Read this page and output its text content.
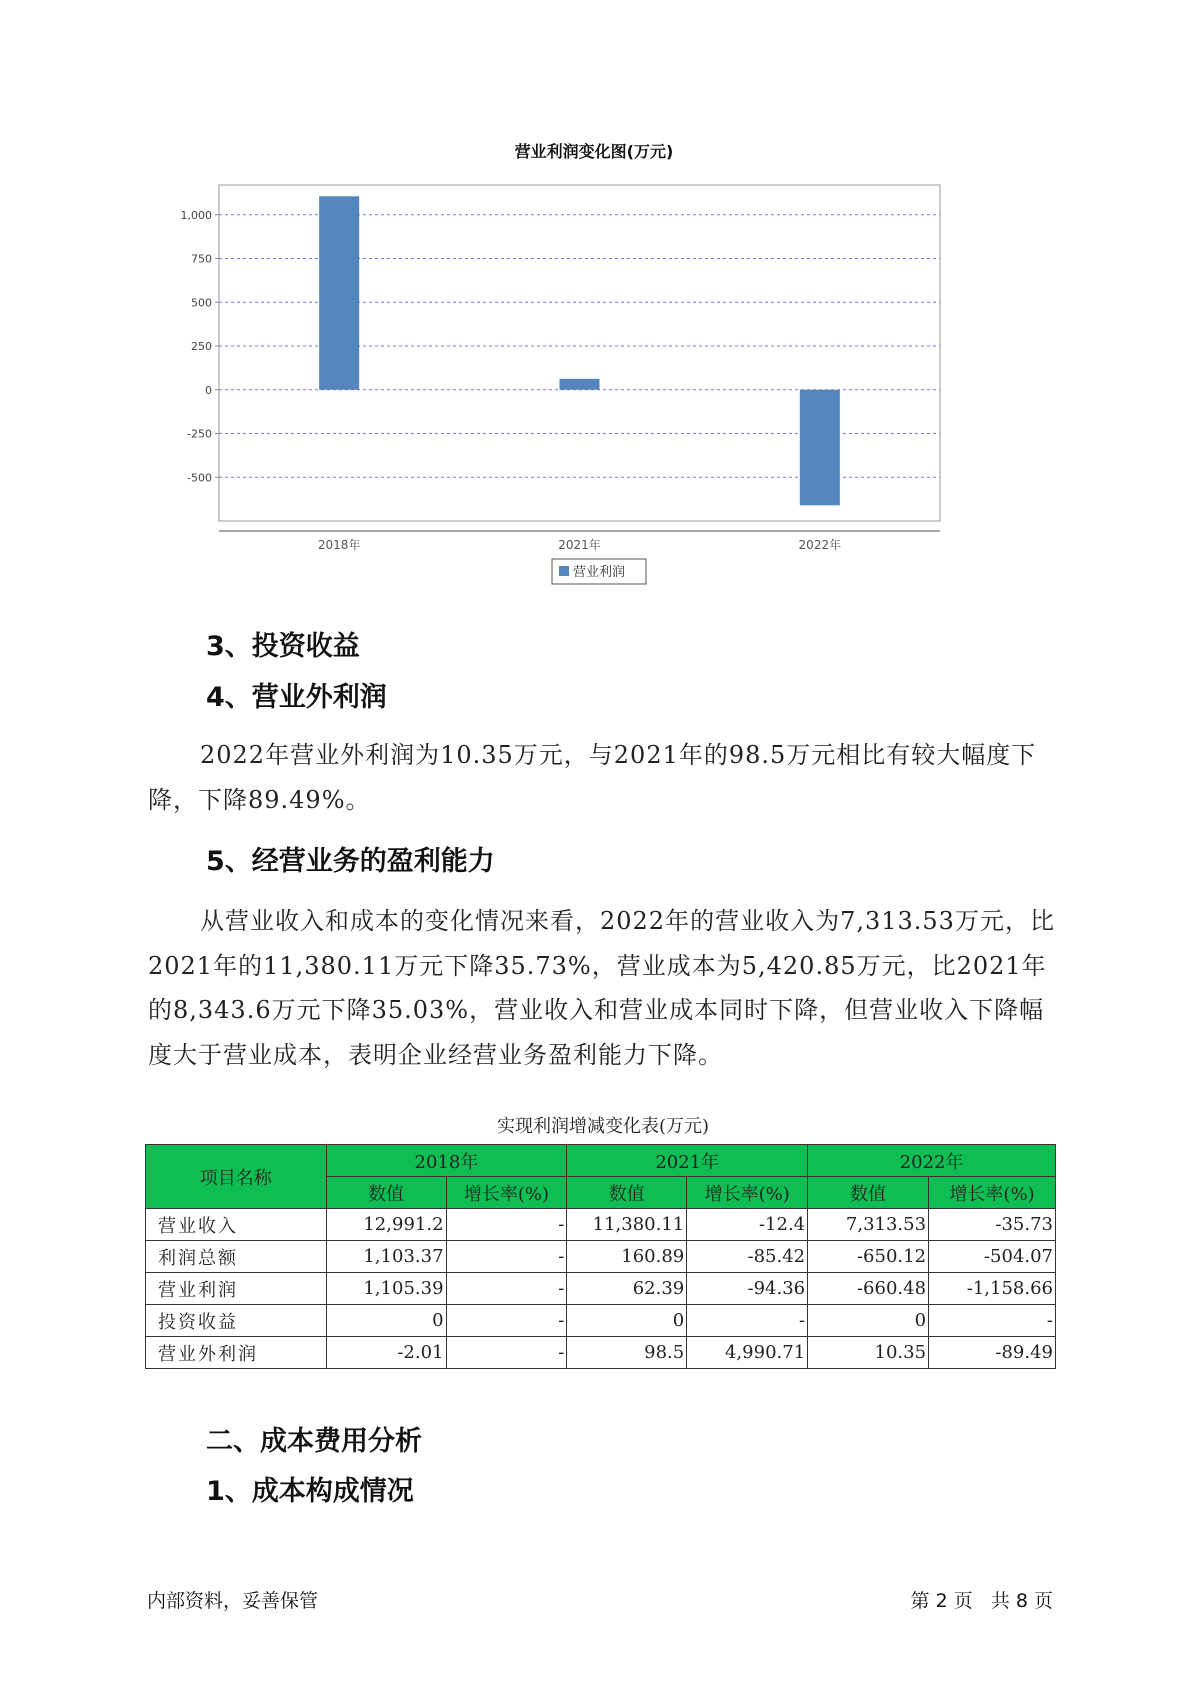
营业利润变化图(万元)
1,000
750
500
250
0
-250
-500
2018年	2021年	2022年
营业利润
3、投资收益
4、营业外利润

2022年营业外利润为10.35万元，与2021年的98.5万元相比有较大幅度下降，下降89.49%。

5、经营业务的盈利能力

从营业收入和成本的变化情况来看，2022年的营业收入为7,313.53万元，比2021年的11,380.11万元下降35.73%，营业成本为5,420.85万元，比2021年的8,343.6万元下降35.03%，营业收入和营业成本同时下降，但营业收入下降幅度大于营业成本，表明企业经营业务盈利能力下降。

实现利润增减变化表(万元)
项目名称	2018年		2021年		2022年	
	数值	增长率(%)	数值	增长率(%)	数值	增长率(%)
营业收入	12,991.2	-	11,380.11	-12.4	7,313.53	-35.73
利润总额	1,103.37	-	160.89	-85.42	-650.12	-504.07
营业利润	1,105.39	-	62.39	-94.36	-660.48	-1,158.66
投资收益	0	-	0	-	0	-
营业外利润	-2.01	-	98.5	4,990.71	10.35	-89.49
二、成本费用分析
1、成本构成情况
内部资料，妥善保管	第 2 页   共 8 页
